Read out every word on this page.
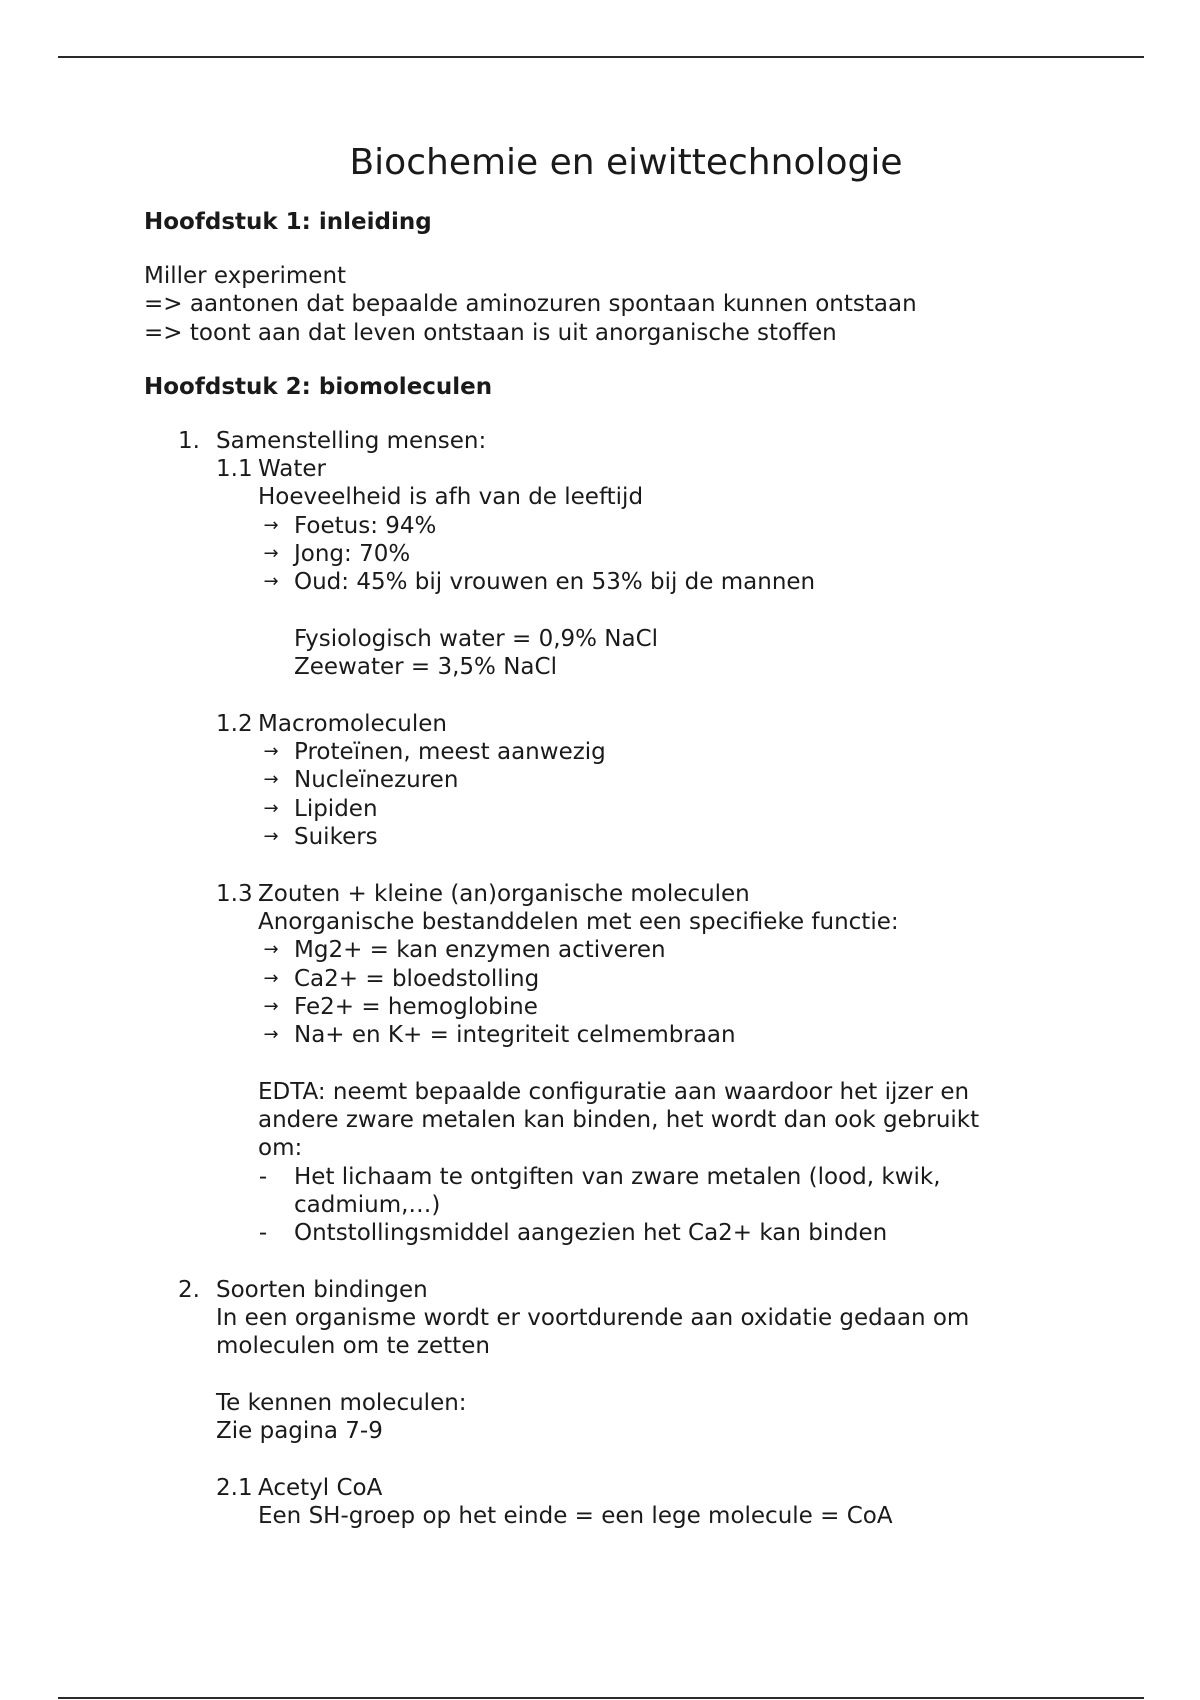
Biochemie en eiwittechnologie
Hoofdstuk 1: inleiding
Miller experiment
=> aantonen dat bepaalde aminozuren spontaan kunnen ontstaan
=> toont aan dat leven ontstaan is uit anorganische stoffen
Hoofdstuk 2: biomoleculen
1. Samenstelling mensen:
1.1 Water
Hoeveelheid is afh van de leeftijd
→ Foetus: 94%
→ Jong: 70%
→ Oud: 45% bij vrouwen en 53% bij de mannen
Fysiologisch water = 0,9% NaCl
Zeewater = 3,5% NaCl
1.2 Macromoleculen
→ Proteïnen, meest aanwezig
→ Nucleïnezuren
→ Lipiden
→ Suikers
1.3 Zouten + kleine (an)organische moleculen
Anorganische bestanddelen met een specifieke functie:
→ Mg2+ = kan enzymen activeren
→ Ca2+ = bloedstolling
→ Fe2+ = hemoglobine
→ Na+ en K+ = integriteit celmembraan
EDTA: neemt bepaalde configuratie aan waardoor het ijzer en andere zware metalen kan binden, het wordt dan ook gebruikt om:
- Het lichaam te ontgiften van zware metalen (lood, kwik, cadmium,…)
- Ontstollingsmiddel aangezien het Ca2+ kan binden
2. Soorten bindingen
In een organisme wordt er voortdurende aan oxidatie gedaan om moleculen om te zetten
Te kennen moleculen:
Zie pagina 7-9
2.1 Acetyl CoA
Een SH-groep op het einde = een lege molecule = CoA
